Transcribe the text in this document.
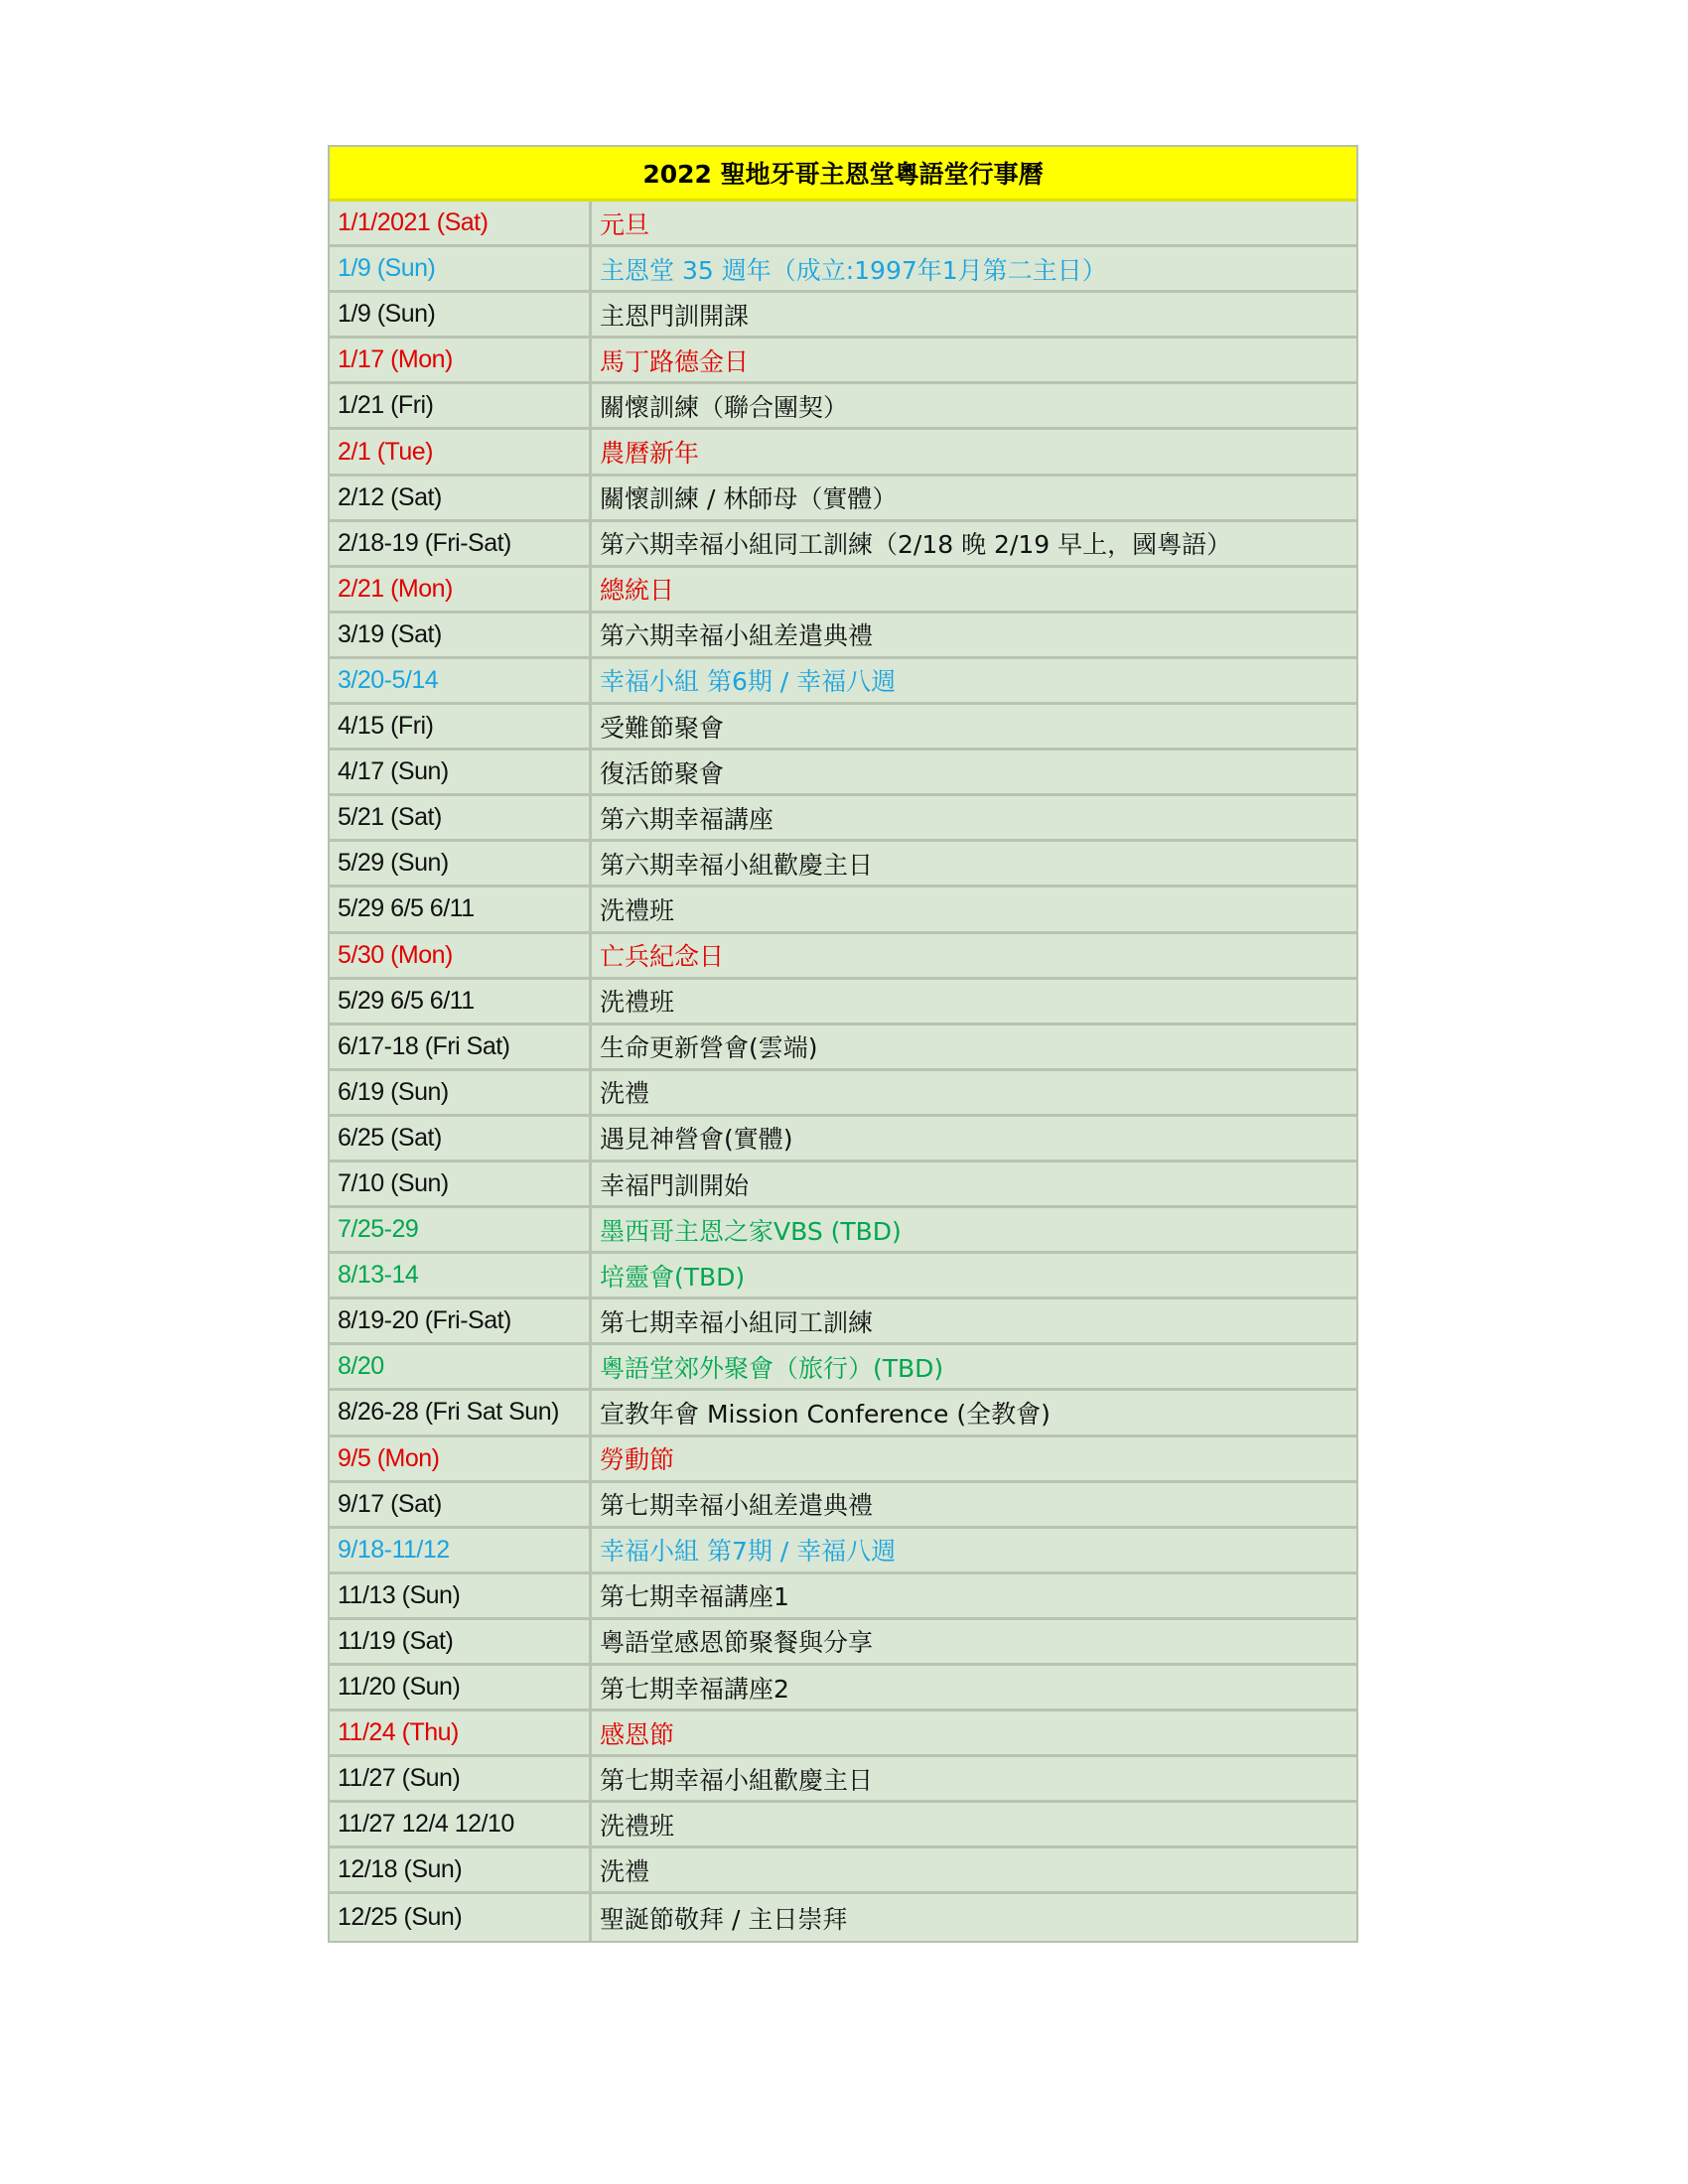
2022 聖地牙哥主恩堂粵語堂行事曆
1/1/2021 (Sat)	元旦
1/9 (Sun)	主恩堂 35 週年（成立:1997年1月第二主日）
1/9 (Sun)	主恩門訓開課
1/17 (Mon)	馬丁路德金日
1/21 (Fri)	關懷訓練（聯合團契）
2/1 (Tue)	農曆新年
2/12 (Sat)	關懷訓練 / 林師母（實體）
2/18-19 (Fri-Sat)	第六期幸福小組同工訓練（2/18 晚 2/19 早上，國粵語）
2/21 (Mon)	總統日
3/19 (Sat)	第六期幸福小組差遣典禮
3/20-5/14	幸福小組 第6期 / 幸福八週
4/15 (Fri)	受難節聚會
4/17 (Sun)	復活節聚會
5/21 (Sat)	第六期幸福講座
5/29 (Sun)	第六期幸福小組歡慶主日
5/29 6/5 6/11	洗禮班
5/30 (Mon)	亡兵紀念日
5/29 6/5 6/11	洗禮班
6/17-18 (Fri Sat)	生命更新營會(雲端)
6/19 (Sun)	洗禮
6/25 (Sat)	遇見神營會(實體)
7/10 (Sun)	幸福門訓開始
7/25-29	墨西哥主恩之家VBS (TBD)
8/13-14	培靈會(TBD)
8/19-20 (Fri-Sat)	第七期幸福小組同工訓練
8/20	粵語堂郊外聚會（旅行）(TBD)
8/26-28 (Fri Sat Sun)	宣教年會 Mission Conference (全教會)
9/5 (Mon)	勞動節
9/17 (Sat)	第七期幸福小組差遣典禮
9/18-11/12	幸福小組 第7期 / 幸福八週
11/13 (Sun)	第七期幸福講座1
11/19 (Sat)	粵語堂感恩節聚餐與分享
11/20 (Sun)	第七期幸福講座2
11/24 (Thu)	感恩節
11/27 (Sun)	第七期幸福小組歡慶主日
11/27 12/4 12/10	洗禮班
12/18 (Sun)	洗禮
12/25 (Sun)	聖誕節敬拜 / 主日崇拜
